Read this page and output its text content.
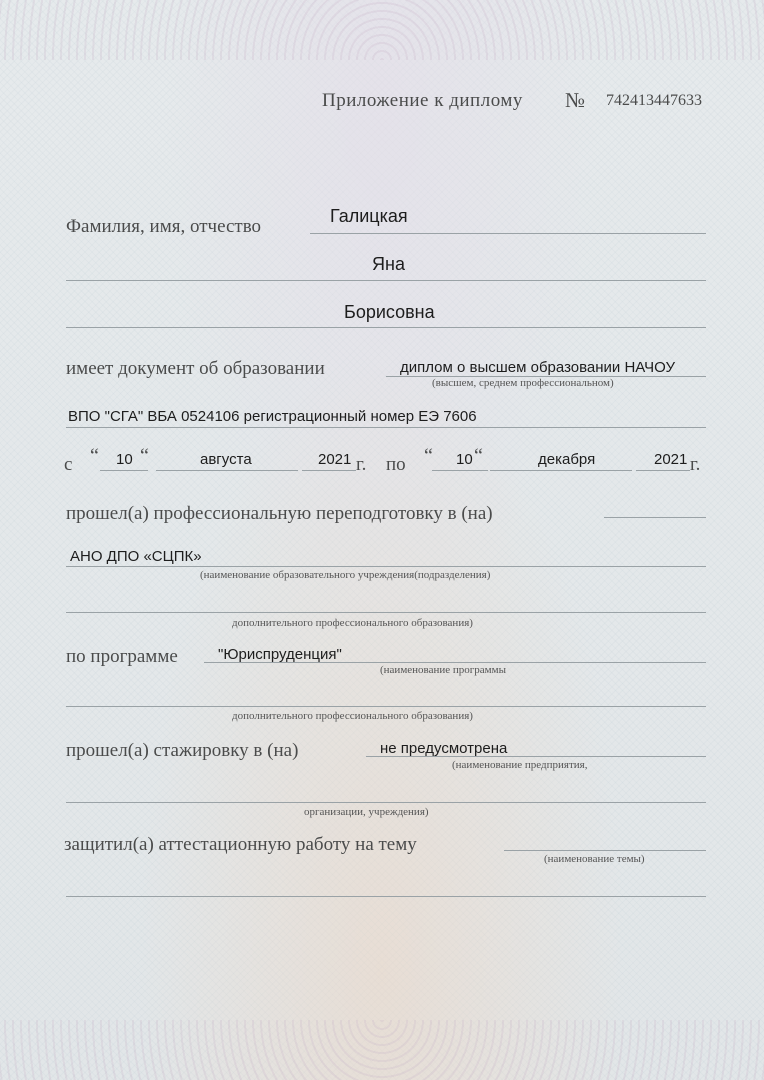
Приложение к диплому № 742413447633
Фамилия, имя, отчество	Галицкая
Яна
Борисовна
имеет документ об образовании	диплом о высшем образовании НАЧОУ
(высшем, среднем профессиональном)
ВПО "СГА" ВБА 0524106 регистрационный номер ЕЭ 7606
с “ 10 “	августа	2021 г. по “ 10 “	декабря	2021 г.
прошел(а) профессиональную переподготовку в (на)
АНО ДПО «СЦПК»
(наименование образовательного учреждения(подразделения)
дополнительного профессионального образования)
по программе	"Юриспруденция"
(наименование программы
дополнительного профессионального образования)
прошел(а) стажировку в (на)	не предусмотрена
(наименование предприятия,
организации, учреждения)
защитил(а) аттестационную работу на тему
(наименование темы)
